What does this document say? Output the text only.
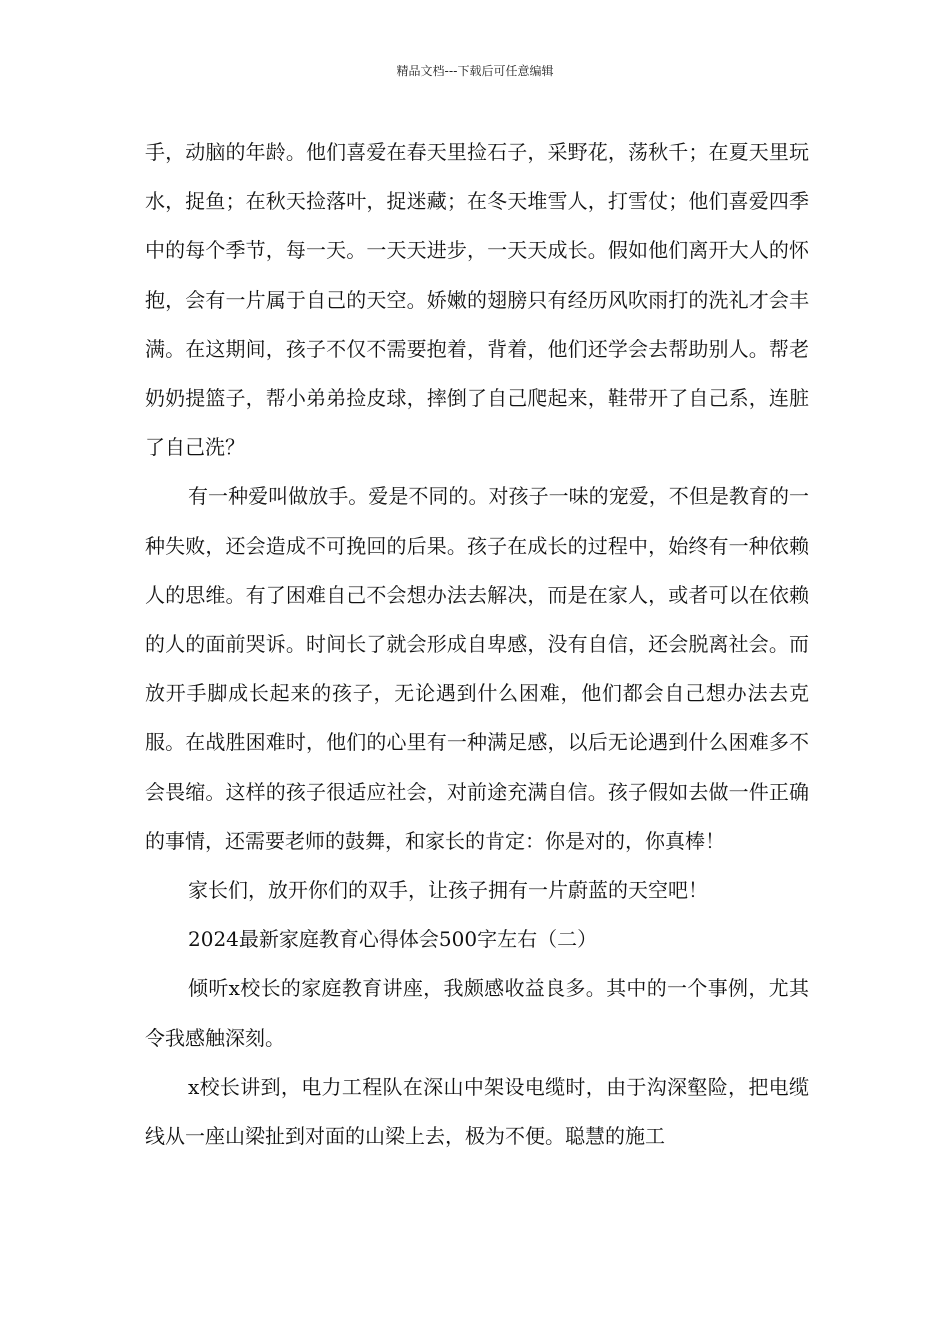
精品文档---下载后可任意编辑

手，动脑的年龄。他们喜爱在春天里捡石子，采野花，荡秋千；在夏天里玩水，捉鱼；在秋天捡落叶，捉迷藏；在冬天堆雪人，打雪仗；他们喜爱四季中的每个季节，每一天。一天天进步，一天天成长。假如他们离开大人的怀抱，会有一片属于自己的天空。娇嫩的翅膀只有经历风吹雨打的洗礼才会丰满。在这期间，孩子不仅不需要抱着，背着，他们还学会去帮助别人。帮老奶奶提篮子，帮小弟弟捡皮球，摔倒了自己爬起来，鞋带开了自己系，连脏了自己洗？

有一种爱叫做放手。爱是不同的。对孩子一味的宠爱，不但是教育的一种失败，还会造成不可挽回的后果。孩子在成长的过程中，始终有一种依赖人的思维。有了困难自己不会想办法去解决，而是在家人，或者可以在依赖的人的面前哭诉。时间长了就会形成自卑感，没有自信，还会脱离社会。而放开手脚成长起来的孩子，无论遇到什么困难，他们都会自己想办法去克服。在战胜困难时，他们的心里有一种满足感，以后无论遇到什么困难多不会畏缩。这样的孩子很适应社会，对前途充满自信。孩子假如去做一件正确的事情，还需要老师的鼓舞，和家长的肯定：你是对的，你真棒！

家长们，放开你们的双手，让孩子拥有一片蔚蓝的天空吧！

2024最新家庭教育心得体会500字左右（二）

倾听x校长的家庭教育讲座，我颇感收益良多。其中的一个事例，尤其令我感触深刻。

x校长讲到，电力工程队在深山中架设电缆时，由于沟深壑险，把电缆线从一座山梁扯到对面的山梁上去，极为不便。聪慧的施工
